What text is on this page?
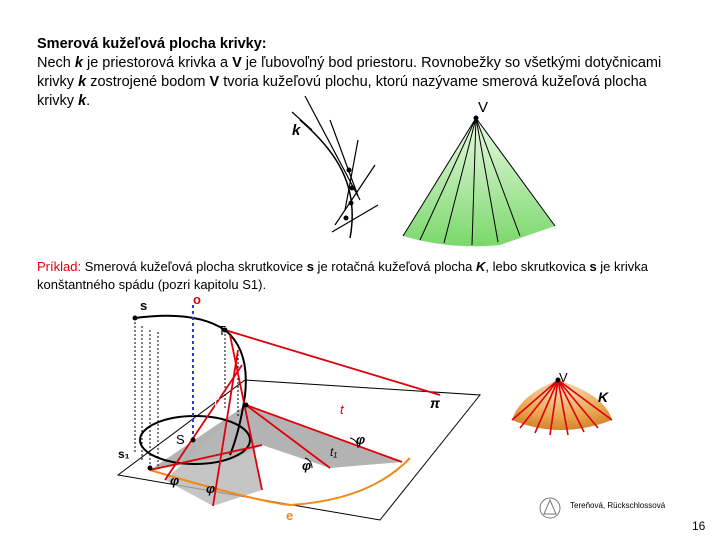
Smerová kužeľová plocha krivky:
Nech k je priestorová krivka a V je ľubovoľný bod priestoru. Rovnobežky so všetkými dotyčnicami krivky k zostrojené bodom V tvoria kužeľovú plochu, ktorú nazývame smerová kužeľová plocha krivky k.
Príklad: Smerová kužeľová plocha skrutkovice s je rotačná kužeľová plocha K, lebo skrutkovica s je krivka konštantného spádu (pozri kapitolu S1).
V
k
s	o
T
T₁	t	π
S
s₁	t₁
φ
φ
φ
φ
e
V
K
Tereňová, Rückschlossová
16
